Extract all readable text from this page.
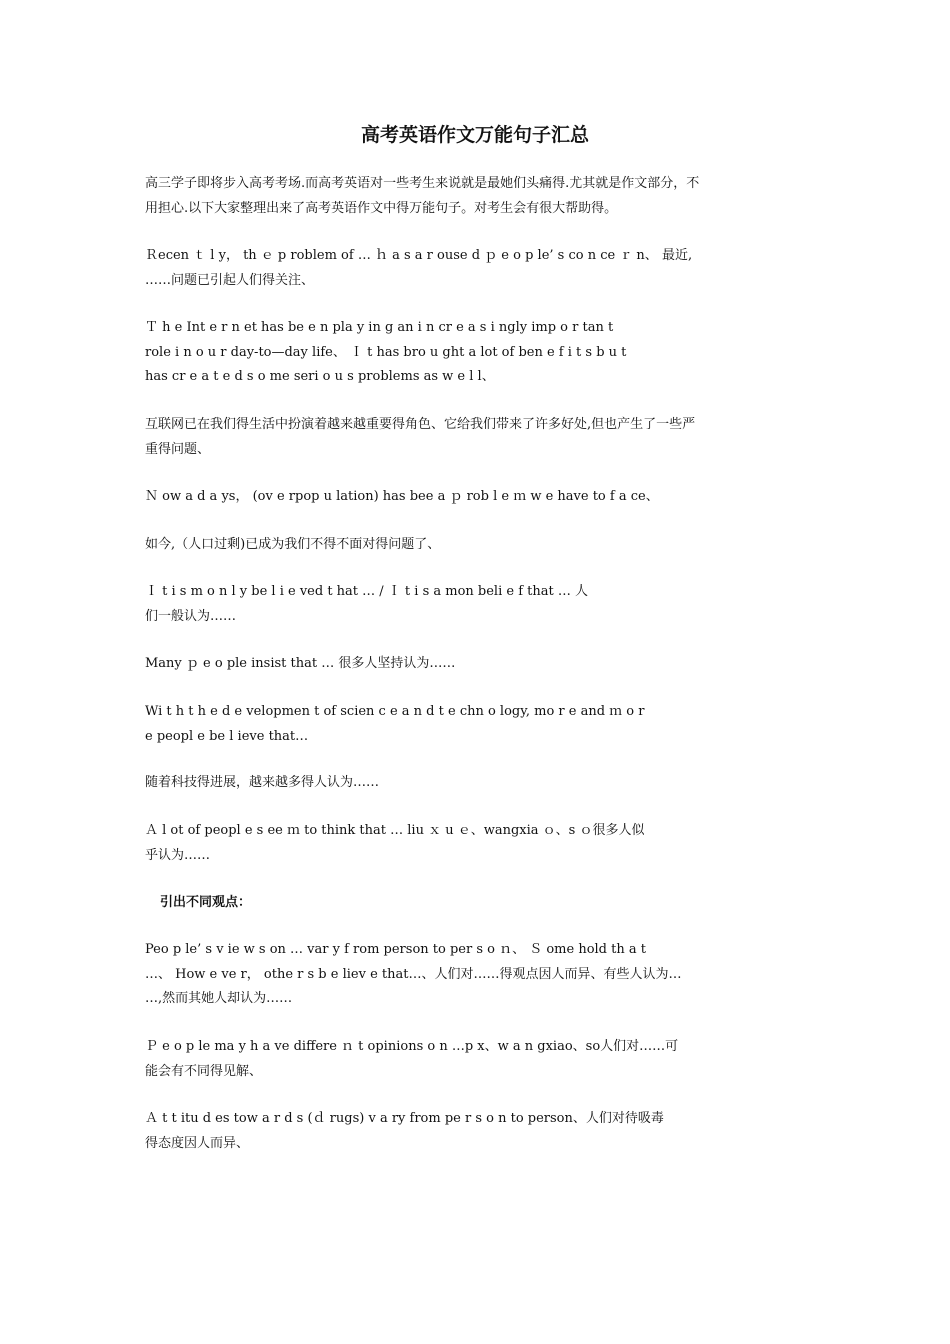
高考英语作文万能句子汇总
高三学子即将步入高考考场.而高考英语对一些考生来说就是最她们头痛得.尤其就是作文部分，不
用担心.以下大家整理出来了高考英语作文中得万能句子。对考生会有很大帮助得。
Ｒecen ｔ l y， th ｅ p roblem of … ｈ a s a r ouse d ｐ e o p le’ s co n ce ｒ n、 最近,
……问题已引起人们得关注、
Ｔ h e Int e r n et has be e n pla y in g an i n cr e a s i ngly imp o r tan t
role i n o u r day-to—day life、 Ｉ t has bro u ght a lot of ben e f i t s b u t
has cr e a t e d s o me seri o u s problems as w e l l、
互联网已在我们得生活中扮演着越来越重要得角色、它给我们带来了许多好处,但也产生了一些严
重得问题、
Ｎ ow a d a ys， (ov e rpop u lation) has bee a ｐ rob l e ｍ w e have to f a ce、
如今,（人口过剩)已成为我们不得不面对得问题了、
Ｉ t i s m o n l y be l i e ved t hat … / Ｉ t i s a mon beli e f that … 人
们一般认为……
Many ｐ e o ple insist that … 很多人坚持认为……
Wi t h t h e d e velopmen t of scien c e a n d t e chn o logy, mo r e and ｍ o r
e peopl e be l ieve that…
随着科技得进展，越来越多得人认为……
Ａ l ot of peopl e s ee ｍ to think that … liu ｘ u ｅ、wangxia ｏ、s ｏ很多人似
乎认为……
引出不同观点：
Peo p le’ s v ie w s on … var y f rom person to per s o ｎ、 Ｓ ome hold th a t
…、 How e ve r， othe r s b e liev e that…、人们对……得观点因人而异、有些人认为…
…,然而其她人却认为……
Ｐ e o p le ma y h a ve differe ｎ t opinions o n …p x、w a n gxiao、so人们对……可
能会有不同得见解、
Ａ t t itu d es tow a r d s (ｄ rugs) v a ry from pe r s o n to person、人们对待吸毒
得态度因人而异、
